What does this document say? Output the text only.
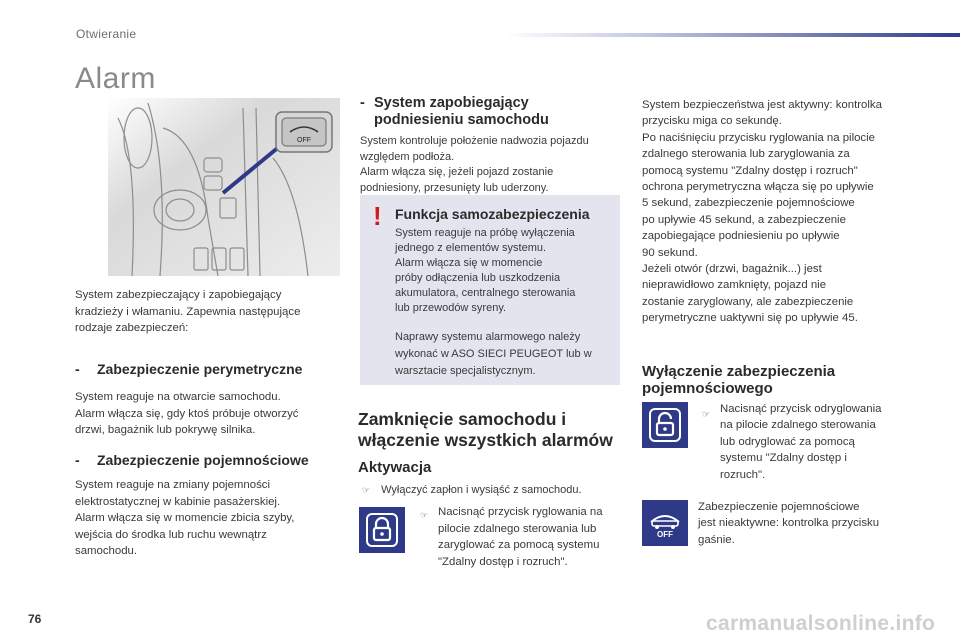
Otwieranie
Alarm
OFF
System zabezpieczający i zapobiegający
kradzieży i włamaniu. Zapewnia następujące
rodzaje zabezpieczeń:
- Zabezpieczenie perymetryczne
System reaguje na otwarcie samochodu.
Alarm włącza się, gdy ktoś próbuje otworzyć
drzwi, bagażnik lub pokrywę silnika.
- Zabezpieczenie pojemnościowe
System reaguje na zmiany pojemności
elektrostatycznej w kabinie pasażerskiej.
Alarm włącza się w momencie zbicia szyby,
wejścia do środka lub ruchu wewnątrz
samochodu.
- System zapobiegający
podniesieniu samochodu
System kontroluje położenie nadwozia pojazdu
względem podłoża.
Alarm włącza się, jeżeli pojazd zostanie
podniesiony, przesunięty lub uderzony.
! Funkcja samozabezpieczenia
System reaguje na próbę wyłączenia
jednego z elementów systemu.
Alarm włącza się w momencie
próby odłączenia lub uszkodzenia
akumulatora, centralnego sterowania
lub przewodów syreny.
Naprawy systemu alarmowego należy
wykonać w ASO SIECI PEUGEOT lub w
warsztacie specjalistycznym.
Zamknięcie samochodu i
włączenie wszystkich alarmów
Aktywacja
☞ Wyłączyć zapłon i wysiąść z samochodu.
☞ Nacisnąć przycisk ryglowania na
pilocie zdalnego sterowania lub
zaryglować za pomocą systemu
"Zdalny dostęp i rozruch".
System bezpieczeństwa jest aktywny: kontrolka
przycisku miga co sekundę.
Po naciśnięciu przycisku ryglowania na pilocie
zdalnego sterowania lub zaryglowania za
pomocą systemu "Zdalny dostęp i rozruch"
ochrona perymetryczna włącza się po upływie
5 sekund, zabezpieczenie pojemnościowe
po upływie 45 sekund, a zabezpieczenie
zapobiegające podniesieniu po upływie
90 sekund.
Jeżeli otwór (drzwi, bagażnik...) jest
nieprawidłowo zamknięty, pojazd nie
zostanie zaryglowany, ale zabezpieczenie
perymetryczne uaktywni się po upływie 45.
Wyłączenie zabezpieczenia
pojemnościowego
☞ Nacisnąć przycisk odryglowania
na pilocie zdalnego sterowania
lub odryglować za pomocą
systemu "Zdalny dostęp i
rozruch".
OFF
Zabezpieczenie pojemnościowe
jest nieaktywne: kontrolka przycisku
gaśnie.
76	carmanualsonline.info
